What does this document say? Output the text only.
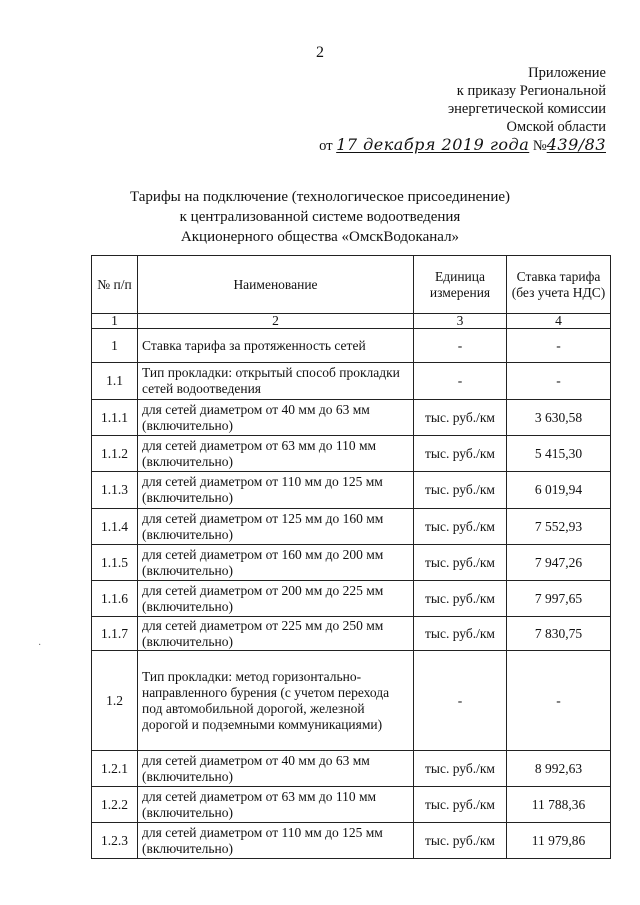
2
Приложение
к приказу Региональной
энергетической комиссии
Омской области
от 17 декабря 2019 года №439/83
Тарифы на подключение (технологическое присоединение)
к централизованной системе водоотведения
Акционерного общества «ОмскВодоканал»
·
№ п/п	Наименование	Единица измерения	Ставка тарифа (без учета НДС)
1	2	3	4
1	Ставка тарифа за протяженность сетей	-	-
1.1	Тип прокладки: открытый способ прокладки сетей водоотведения	-	-
1.1.1	для сетей диаметром от 40 мм до 63 мм (включительно)	тыс. руб./км	3 630,58
1.1.2	для сетей диаметром от 63 мм до 110 мм (включительно)	тыс. руб./км	5 415,30
1.1.3	для сетей диаметром от 110 мм до 125 мм (включительно)	тыс. руб./км	6 019,94
1.1.4	для сетей диаметром от 125 мм до 160 мм (включительно)	тыс. руб./км	7 552,93
1.1.5	для сетей диаметром от 160 мм до 200 мм (включительно)	тыс. руб./км	7 947,26
1.1.6	для сетей диаметром от 200 мм до 225 мм (включительно)	тыс. руб./км	7 997,65
1.1.7	для сетей диаметром от 225 мм до 250 мм (включительно)	тыс. руб./км	7 830,75
1.2	Тип прокладки: метод горизонтально-направленного бурения (с учетом перехода под автомобильной дорогой, железной дорогой и подземными коммуникациями)	-	-
1.2.1	для сетей диаметром от 40 мм до 63 мм (включительно)	тыс. руб./км	8 992,63
1.2.2	для сетей диаметром от 63 мм до 110 мм (включительно)	тыс. руб./км	11 788,36
1.2.3	для сетей диаметром от 110 мм до 125 мм (включительно)	тыс. руб./км	11 979,86
